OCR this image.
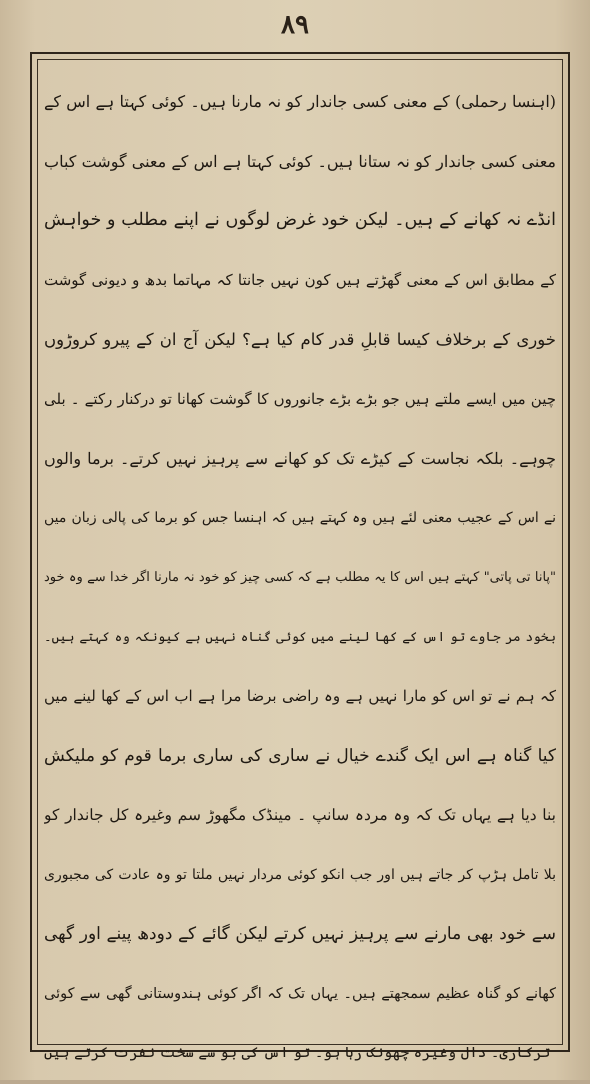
۸۹
(اہنسا رحملی) کے معنی کسی جاندار کو نہ مارنا ہیں۔ کوئی کہتا ہے اس کے
معنی کسی جاندار کو نہ ستانا ہیں۔ کوئی کہتا ہے اس کے معنی گوشت کباب
انڈے نہ کھانے کے ہیں۔ لیکن خود غرض لوگوں نے اپنے مطلب و خواہش
کے مطابق اس کے معنی گھڑتے ہیں کون نہیں جانتا کہ مہاتما بدھ و دیونی گوشت
خوری کے برخلاف کیسا قابلِ قدر کام کیا ہے؟ لیکن آج ان کے پیرو کروڑوں
چین میں ایسے ملتے ہیں جو بڑے بڑے جانوروں کا گوشت کھانا تو درکنار رکتے ۔ بلی
چوہے۔ بلکہ نجاست کے کیڑے تک کو کھانے سے پرہیز نہیں کرتے۔ برما والوں
نے اس کے عجیب معنی لئے ہیں وہ کہتے ہیں کہ اہنسا جس کو برما کی پالی زبان میں
"پانا تی پاتی" کہتے ہیں اس کا یہ مطلب ہے کہ کسی چیز کو خود نہ مارنا اگر خدا سے وہ خود
بخود مر جاوے تو اس کے کھا لینے میں کوئی گناہ نہیں ہے کیونکہ وہ کہتے ہیں۔
کہ ہم نے تو اس کو مارا نہیں ہے وہ راضی برضا مرا ہے اب اس کے کھا لینے میں
کیا گناہ ہے اس ایک گندے خیال نے ساری کی ساری برما قوم کو ملیکش
بنا دیا ہے یہاں تک کہ وہ مردہ سانپ ۔ مینڈک مگھوڑ سم وغیرہ کل جاندار کو
بلا تامل ہڑپ کر جاتے ہیں اور جب انکو کوئی مردار نہیں ملتا تو وہ عادت کی مجبوری
سے خود بھی مارنے سے پرہیز نہیں کرتے لیکن گائے کے دودھ پینے اور گھی
کھانے کو گناہ عظیم سمجھتے ہیں۔ یہاں تک کہ اگر کوئی ہندوستانی گھی سے کوئی
ترکاری۔ دال وغیرہ چھونک رہا ہو۔ تو اس کی بو سے سخت نفرت کرتے ہیں
